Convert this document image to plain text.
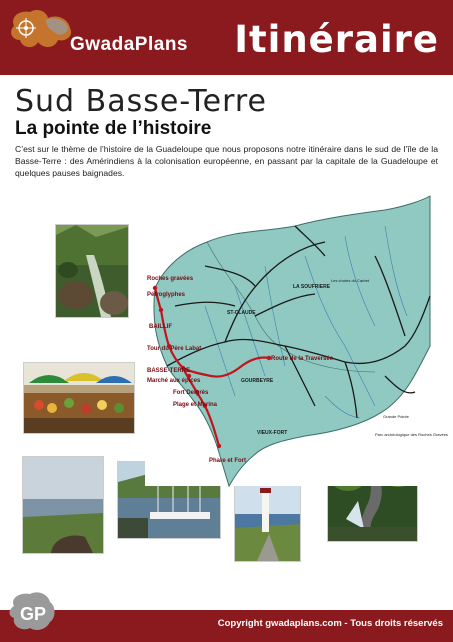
GwadaPlans Itinéraire
Sud Basse-Terre
La pointe de l’histoire
C’est sur le thème de l’histoire de la Guadeloupe que nous proposons notre itinéraire dans le sud de l’île de la Basse-Terre : des Amérindiens à la colonisation européenne, en passant par la capitale de la Guadeloupe et quelques pauses baignades.
Roches gravées
Pétroglyphes
BAILLIF
Tour du Père Labat
BASSE-TERRE
Marché aux épices
Fort Delgrès
Plage et Marina
Phare et Fort
GOURBEYRE
Route de la Traversée
LA SOUFRIERE
ST-CLAUDE
VIEUX-FORT
Les chutes du Carbet
Grande Pointe
Parc archéologique des Roches Gravées
GP	Copyright gwadaplans.com - Tous droits réservés
